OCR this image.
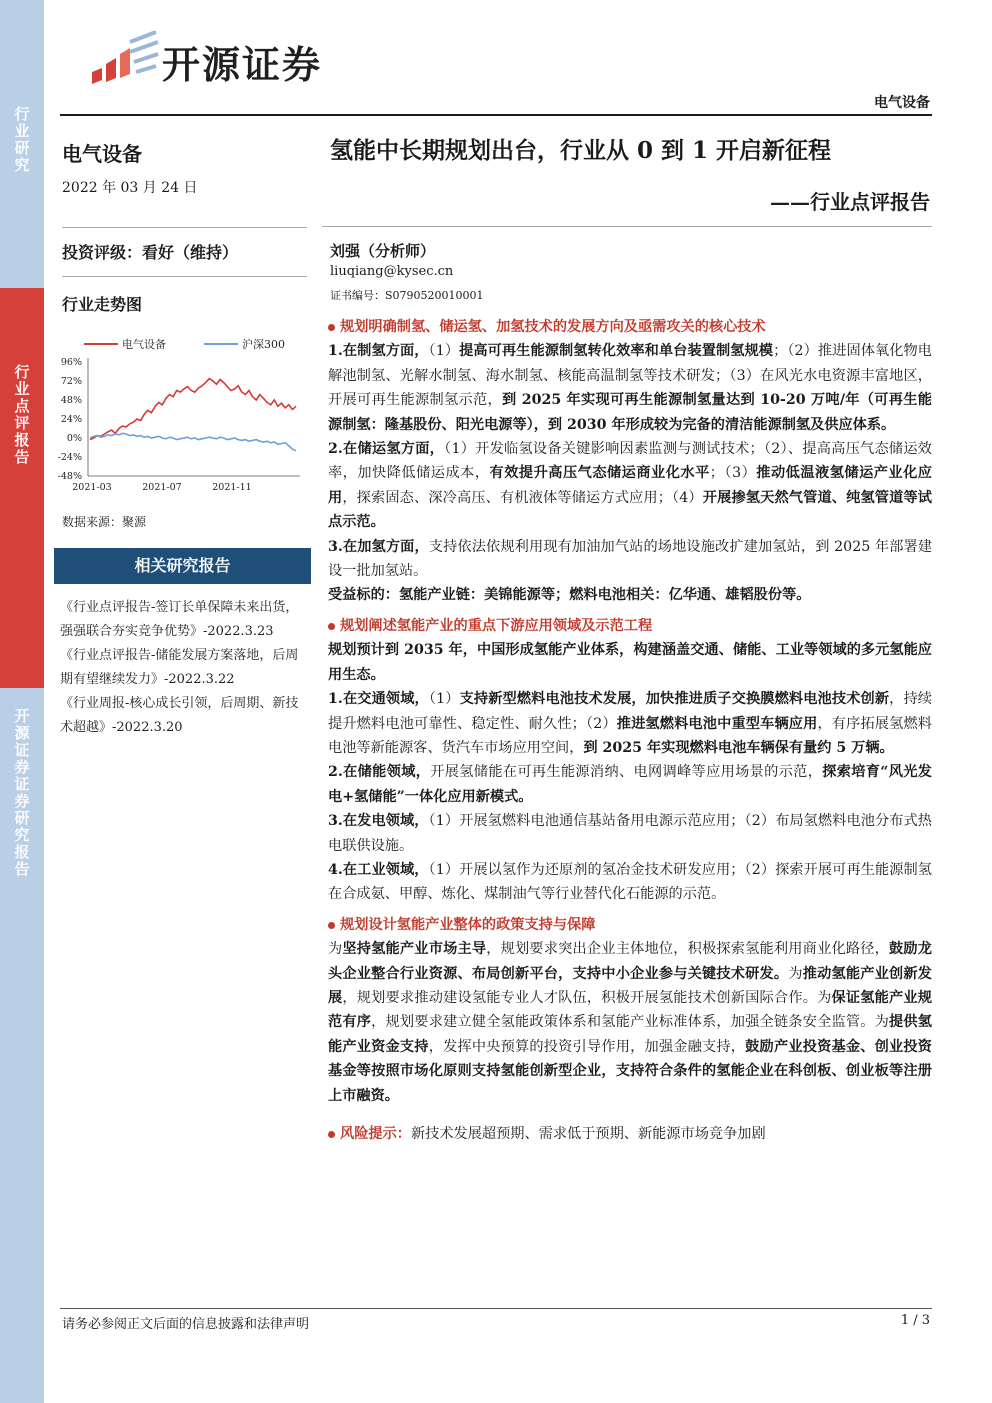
行业研究
行业点评报告
开源证券 证券研究报告
开源证券
电气设备
电气设备
2022 年 03 月 24 日
投资评级：看好（维持）
行业走势图
电气设备	沪深300
96%
72%
48%
24%
0%
-24%
-48%
2021-03	2021-07	2021-11
数据来源：聚源
相关研究报告

《行业点评报告-签订长单保障未来出货，强强联合夯实竞争优势》-2022.3.23

《行业点评报告-储能发展方案落地，后周期有望继续发力》-2022.3.22

《行业周报-核心成长引领，后周期、新技术超越》-2022.3.20

氢能中长期规划出台，行业从 0 到 1 开启新征程
——行业点评报告
刘强（分析师）
liuqiang@kysec.cn
证书编号：S0790520010001
规划明确制氢、储运氢、加氢技术的发展方向及亟需攻关的核心技术
1.在制氢方面，（1）提高可再生能源制氢转化效率和单台装置制氢规模；（2）推进固体氧化物电解池制氢、光解水制氢、海水制氢、核能高温制氢等技术研发；（3）在风光水电资源丰富地区，开展可再生能源制氢示范，到 2025 年实现可再生能源制氢量达到 10-20 万吨/年（可再生能源制氢：隆基股份、阳光电源等），到 2030 年形成较为完备的清洁能源制氢及供应体系。
2.在储运氢方面，（1）开发临氢设备关键影响因素监测与测试技术；（2）、提高高压气态储运效率，加快降低储运成本，有效提升高压气态储运商业化水平；（3）推动低温液氢储运产业化应用，探索固态、深冷高压、有机液体等储运方式应用；（4）开展掺氢天然气管道、纯氢管道等试点示范。
3.在加氢方面，支持依法依规利用现有加油加气站的场地设施改扩建加氢站，到 2025 年部署建设一批加氢站。
受益标的：氢能产业链：美锦能源等；燃料电池相关：亿华通、雄韬股份等。
规划阐述氢能产业的重点下游应用领域及示范工程
规划预计到 2035 年，中国形成氢能产业体系，构建涵盖交通、储能、工业等领域的多元氢能应用生态。
1.在交通领域，（1）支持新型燃料电池技术发展，加快推进质子交换膜燃料电池技术创新，持续提升燃料电池可靠性、稳定性、耐久性；（2）推进氢燃料电池中重型车辆应用，有序拓展氢燃料电池等新能源客、货汽车市场应用空间，到 2025 年实现燃料电池车辆保有量约 5 万辆。
2.在储能领域，开展氢储能在可再生能源消纳、电网调峰等应用场景的示范，探索培育“风光发电+氢储能”一体化应用新模式。
3.在发电领域，（1）开展氢燃料电池通信基站备用电源示范应用；（2）布局氢燃料电池分布式热电联供设施。
4.在工业领域，（1）开展以氢作为还原剂的氢冶金技术研发应用；（2）探索开展可再生能源制氢在合成氨、甲醇、炼化、煤制油气等行业替代化石能源的示范。
规划设计氢能产业整体的政策支持与保障
为坚持氢能产业市场主导，规划要求突出企业主体地位，积极探索氢能利用商业化路径，鼓励龙头企业整合行业资源、布局创新平台，支持中小企业参与关键技术研发。为推动氢能产业创新发展，规划要求推动建设氢能专业人才队伍，积极开展氢能技术创新国际合作。为保证氢能产业规范有序，规划要求建立健全氢能政策体系和氢能产业标准体系，加强全链条安全监管。为提供氢能产业资金支持，发挥中央预算的投资引导作用，加强金融支持，鼓励产业投资基金、创业投资基金等按照市场化原则支持氢能创新型企业，支持符合条件的氢能企业在科创板、创业板等注册上市融资。
风险提示：新技术发展超预期、需求低于预期、新能源市场竞争加剧
请务必参阅正文后面的信息披露和法律声明	1 / 3
